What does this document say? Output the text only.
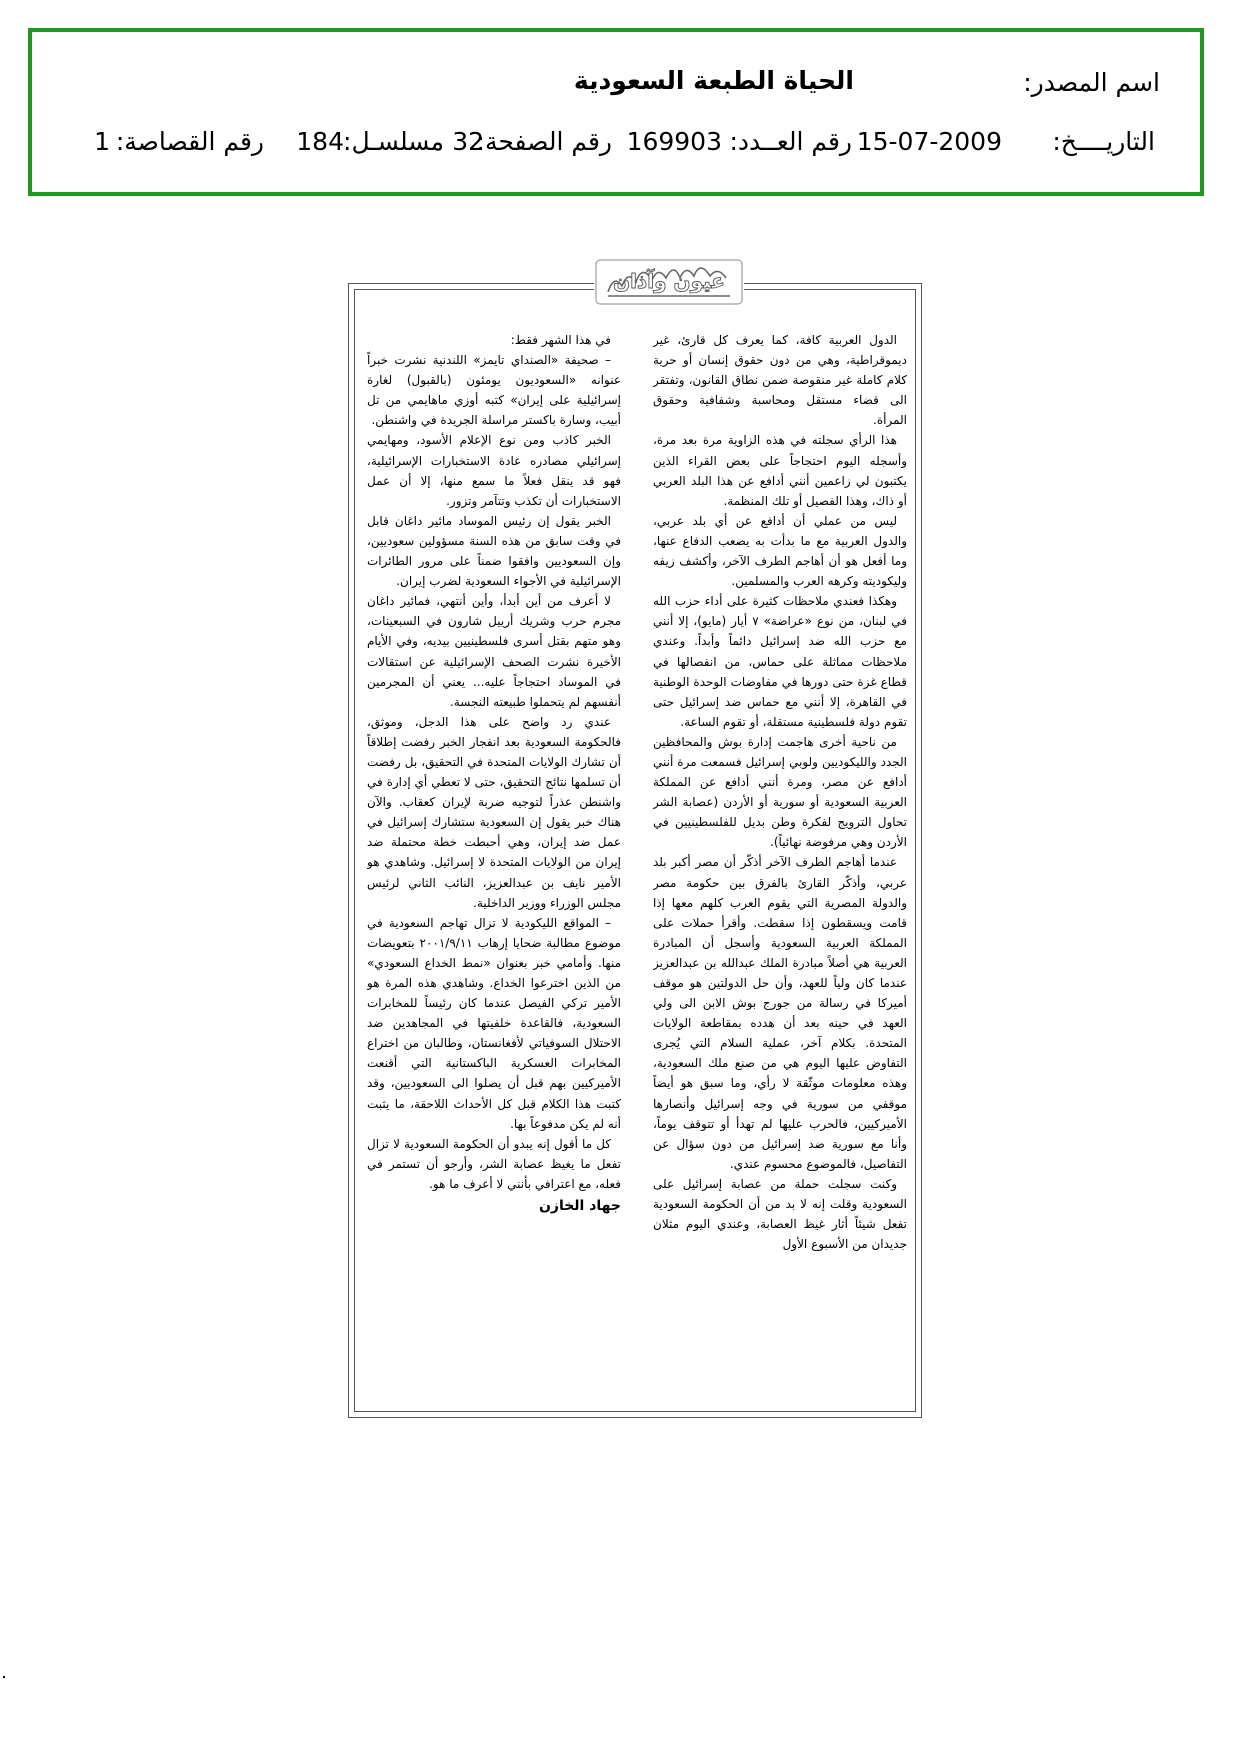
اسم المصدر:
الحياة الطبعة السعودية
التاريــــخ:
15-07-2009
رقم العــدد:
169903
رقم الصفحة:
32
مسلسـل:
184
رقم القصاصة:
1
عيون وآذان

الدول العربية كافة، كما يعرف كل قارئ، غير ديموقراطية، وهي من دون حقوق إنسان أو حرية كلام كاملة غير منقوصة ضمن نطاق القانون، وتفتقر الى قضاء مستقل ومحاسبة وشفافية وحقوق المرأة.

هذا الرأي سجلته في هذه الزاوية مرة بعد مرة، وأسجله اليوم احتجاجاً على بعض القراء الذين يكتبون لي زاعمين أنني أدافع عن هذا البلد العربي أو ذاك، وهذا الفصيل أو تلك المنظمة.

ليس من عملي أن أدافع عن أي بلد عربي، والدول العربية مع ما بدأت به يصعب الدفاع عنها، وما أفعل هو أن أهاجم الطرف الآخر، وأكشف زيفه وليكوديته وكرهه العرب والمسلمين.

وهكذا فعندي ملاحظات كثيرة على أداء حزب الله في لبنان، من نوع «عراضة» ٧ أيار (مايو)، إلا أنني مع حزب الله ضد إسرائيل دائماً وأبداً. وعندي ملاحظات مماثلة على حماس، من انفصالها في قطاع غزة حتى دورها في مفاوضات الوحدة الوطنية في القاهرة، إلا أنني مع حماس ضد إسرائيل حتى تقوم دولة فلسطينية مستقلة، أو تقوم الساعة.

من ناحية أخرى هاجمت إدارة بوش والمحافظين الجدد والليكوديين ولوبي إسرائيل فسمعت مرة أنني أدافع عن مصر، ومرة أنني أدافع عن المملكة العربية السعودية أو سورية أو الأردن (عصابة الشر تحاول الترويج لفكرة وطن بديل للفلسطينيين في الأردن وهي مرفوضة نهائياً).

عندما أهاجم الطرف الآخر أذكّر أن مصر أكبر بلد عربي، وأذكّر القارئ بالفرق بين حكومة مصر والدولة المصرية التي يقوم العرب كلهم معها إذا قامت ويسقطون إذا سقطت. وأقرأ حملات على المملكة العربية السعودية وأسجل أن المبادرة العربية هي أصلاً مبادرة الملك عبدالله بن عبدالعزيز عندما كان ولياً للعهد، وأن حل الدولتين هو موقف أميركا في رسالة من جورج بوش الابن الى ولي العهد في حينه بعد أن هدده بمقاطعة الولايات المتحدة. بكلام آخر، عملية السلام التي يُجرى التفاوض عليها اليوم هي من صنع ملك السعودية، وهذه معلومات موثّقة لا رأي، وما سبق هو أيضاً موقفي من سورية في وجه إسرائيل وأنصارها الأميركيين، فالحرب عليها لم تهدأ أو تتوقف يوماً، وأنا مع سورية ضد إسرائيل من دون سؤال عن التفاصيل، فالموضوع محسوم عندي.

وكنت سجلت حملة من عصابة إسرائيل على السعودية وقلت إنه لا بد من أن الحكومة السعودية تفعل شيئاً أثار غيظ العصابة، وعندي اليوم مثلان جديدان من الأسبوع الأول

في هذا الشهر فقط:

– صحيفة «الصنداي تايمز» اللندنية نشرت خبراً عنوانه «السعوديون يومئون (بالقبول) لغارة إسرائيلية على إيران» كتبه أوزي ماهايمي من تل أبيب، وسارة باكستر مراسلة الجريدة في واشنطن.

الخبر كاذب ومن نوع الإعلام الأسود، ومهايمي إسرائيلي مصادره عادة الاستخبارات الإسرائيلية، فهو قد ينقل فعلاً ما سمع منها، إلا أن عمل الاستخبارات أن تكذب وتتآمر وتزور.

الخبر يقول إن رئيس الموساد مائير داغان قابل في وقت سابق من هذه السنة مسؤولين سعوديين، وإن السعوديين وافقوا ضمناً على مرور الطائرات الإسرائيلية في الأجواء السعودية لضرب إيران.

لا أعرف من أين أبدأ، وأين أنتهي، فمائير داغان مجرم حرب وشريك أرييل شارون في السبعينات، وهو متهم بقتل أسرى فلسطينيين بيديه، وفي الأيام الأخيرة نشرت الصحف الإسرائيلية عن استقالات في الموساد احتجاجاً عليه... يعني أن المجرمين أنفسهم لم يتحملوا طبيعته النجسة.

عندي رد واضح على هذا الدجل، وموثق، فالحكومة السعودية بعد انفجار الخبر رفضت إطلاقاً أن تشارك الولايات المتحدة في التحقيق، بل رفضت أن تسلمها نتائج التحقيق، حتى لا تعطي أي إدارة في واشنطن عذراً لتوجيه ضربة لإيران كعقاب. والآن هناك خبر يقول إن السعودية ستشارك إسرائيل في عمل ضد إيران، وهي أحبطت خطة محتملة ضد إيران من الولايات المتحدة لا إسرائيل. وشاهدي هو الأمير نايف بن عبدالعزيز، النائب الثاني لرئيس مجلس الوزراء ووزير الداخلية.

– المواقع الليكودية لا تزال تهاجم السعودية في موضوع مطالبة ضحايا إرهاب ٢٠٠١/٩/١١ بتعويضات منها. وأمامي خبر بعنوان «نمط الخداع السعودي» من الذين اخترعوا الخداع. وشاهدي هذه المرة هو الأمير تركي الفيصل عندما كان رئيساً للمخابرات السعودية، فالقاعدة خلفيتها في المجاهدين ضد الاحتلال السوفياتي لأفغانستان، وطالبان من اختراع المخابرات العسكرية الباكستانية التي أقنعت الأميركيين بهم قبل أن يصلوا الى السعوديين، وقد كتبت هذا الكلام قبل كل الأحداث اللاحقة، ما يثبت أنه لم يكن مدفوعاً بها.

كل ما أقول إنه يبدو أن الحكومة السعودية لا تزال تفعل ما يغيظ عصابة الشر، وأرجو أن تستمر في فعله، مع اعترافي بأنني لا أعرف ما هو.

جهاد الخازن
